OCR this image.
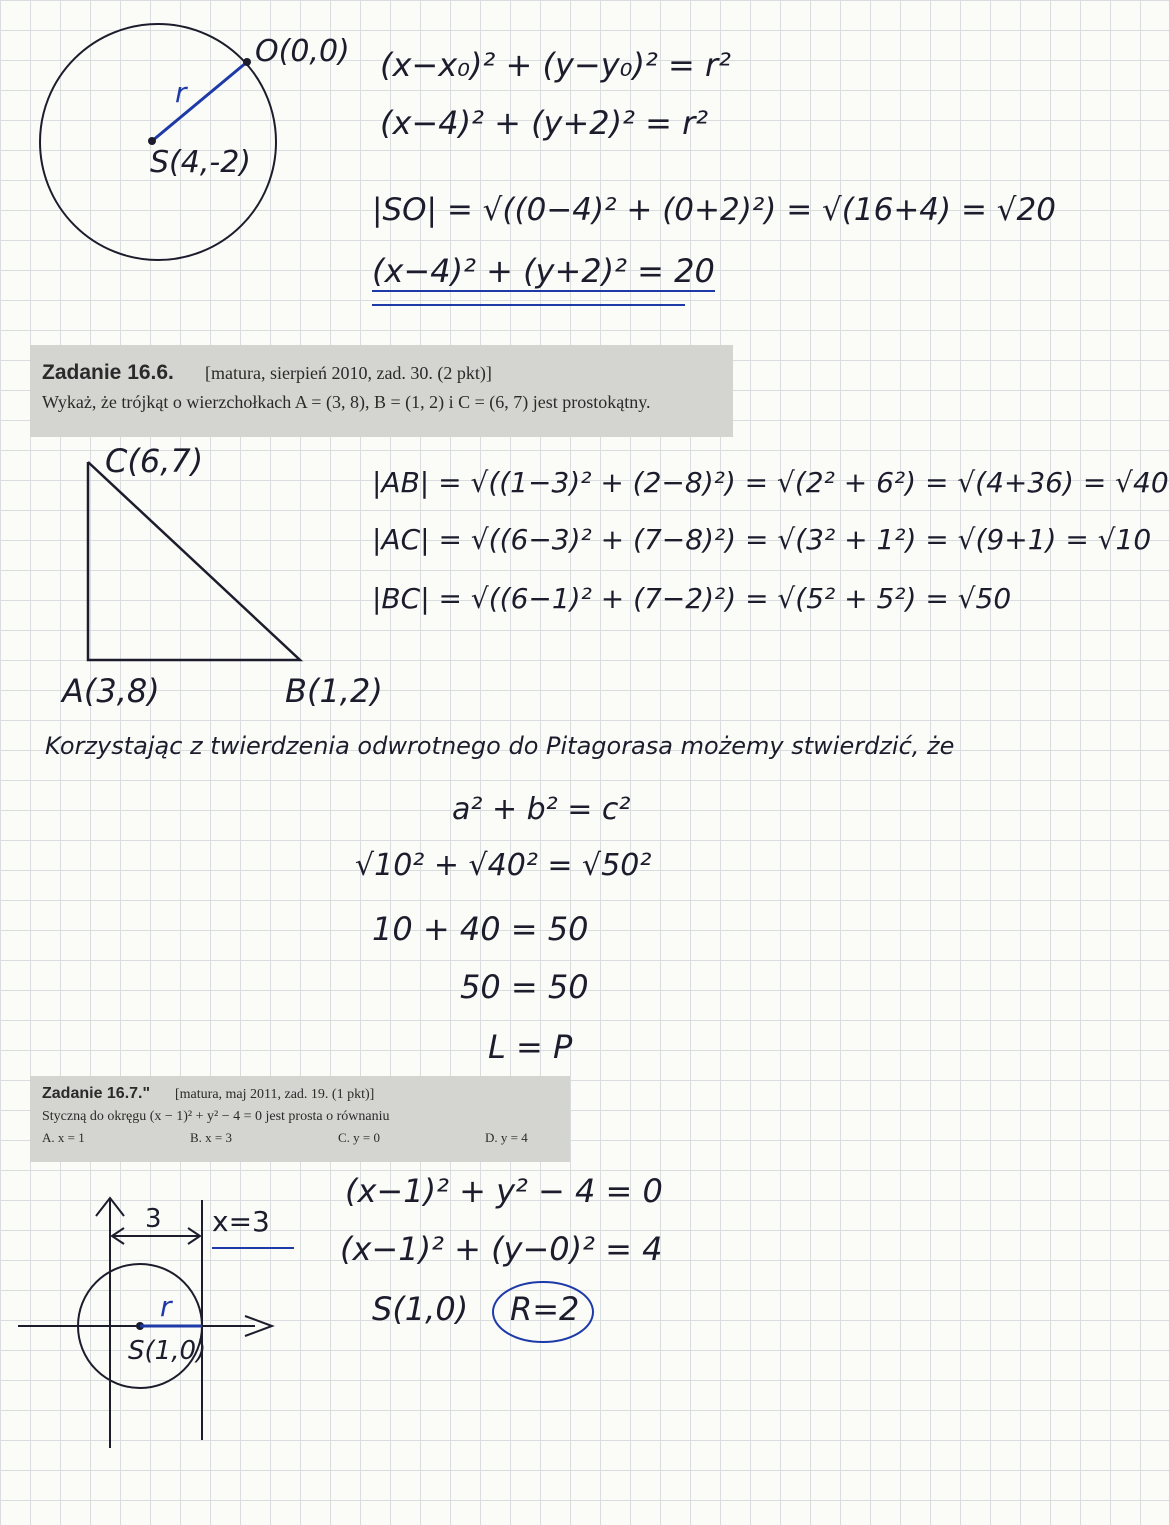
O(0,0)
r
S(4,-2)
(x−x₀)² + (y−y₀)² = r²
(x−4)² + (y+2)² = r²
|SO| = √((0−4)² + (0+2)²) = √(16+4) = √20
(x−4)² + (y+2)² = 20
Zadanie 16.6. [matura, sierpień 2010, zad. 30. (2 pkt)]
Wykaż, że trójkąt o wierzchołkach A = (3, 8), B = (1, 2) i C = (6, 7) jest prostokątny.
C(6,7)
A(3,8)	B(1,2)
|AB| = √((1−3)² + (2−8)²) = √(2² + 6²) = √(4+36) = √40
|AC| = √((6−3)² + (7−8)²) = √(3² + 1²) = √(9+1) = √10
|BC| = √((6−1)² + (7−2)²) = √(5² + 5²) = √50
Korzystając z twierdzenia odwrotnego do Pitagorasa możemy stwierdzić, że
a² + b² = c²
√10² + √40² = √50²
10 + 40 = 50
50 = 50
L = P
Zadanie 16.7." [matura, maj 2011, zad. 19. (1 pkt)]
Styczną do okręgu (x − 1)² + y² − 4 = 0 jest prosta o równaniu
A. x = 1	B. x = 3	C. y = 0	D. y = 4
3 x=3
r
S(1,0)
(x−1)² + y² − 4 = 0
(x−1)² + (y−0)² = 4
S(1,0) R=2
